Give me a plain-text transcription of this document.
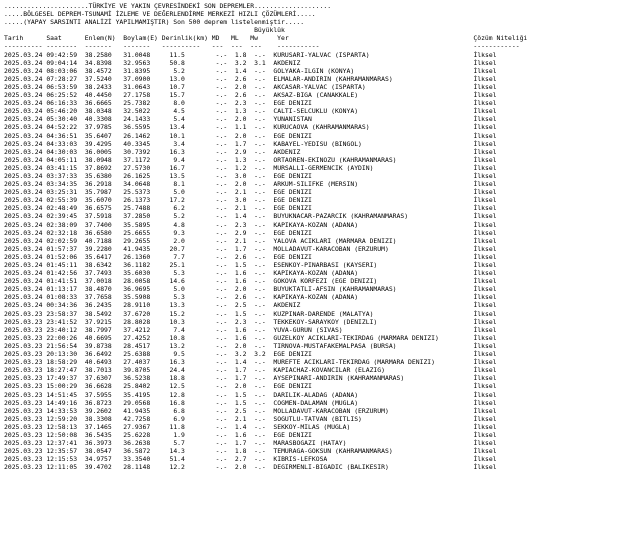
......................TÜRKİYE VE YAKIN ÇEVRESİNDEKİ SON DEPREMLER....................
.....BÖLGESEL DEPREM-TSUNAMİ İZLEME VE DEĞERLENDİRME MERKEZİ HIZLI ÇÖZÜMLERİ.....
.....(YAPAY SARSINTI ANALİZİ YAPILMAMIŞTIR) Son 500 deprem listelenmiştir.....
Büyüklük
Tarih      Saat      Enlem(N)  Boylam(E) Derinlik(km) MD   ML   Mw     Yer                                                Çözüm Niteliği
---------- --------  -------   -------   ----------   ---  ---  ---    -----------                                        ------------
2025.03.24 09:42:59  38.2580   31.0048     11.5        -.-  1.8  -.-  KURUSARI-YALVAC (ISPARTA)                           İlksel
2025.03.24 09:04:14  34.8398   32.9563     50.8        -.-  3.2  3.1  AKDENIZ                                             İlksel
2025.03.24 08:03:06  38.4572   31.8395      5.2        -.-  1.4  -.-  GOLYAKA-ILGIN (KONYA)                               İlksel
2025.03.24 07:28:27  37.5240   37.0900     13.0        -.-  2.6  -.-  ELMALAR-ANDIRIN (KAHRAMANMARAS)                     İlksel
2025.03.24 06:53:59  38.2433   31.0643     10.7        -.-  2.0  -.-  AKCASAR-YALVAC (ISPARTA)                            İlksel
2025.03.24 06:25:52  40.4450   27.1758     15.7        -.-  2.6  -.-  AKSAZ-BIGA (CANAKKALE)                              İlksel
2025.03.24 06:16:33  36.6665   25.7382      8.0        -.-  2.3  -.-  EGE DENIZI                                          İlksel
2025.03.24 05:46:20  38.0348   32.5022      4.5        -.-  1.3  -.-  CALTI-SELCUKLU (KONYA)                              İlksel
2025.03.24 05:30:40  40.3308   24.1433      5.4        -.-  2.0  -.-  YUNANISTAN                                          İlksel
2025.03.24 04:52:22  37.9785   36.5595     13.4        -.-  1.1  -.-  KURUCAOVA (KAHRAMANMARAS)                           İlksel
2025.03.24 04:36:51  35.6407   26.1462     10.1        -.-  2.0  -.-  EGE DENIZI                                          İlksel
2025.03.24 04:33:03  39.4295   40.3345      3.4        -.-  1.7  -.-  KABAYEL-YEDISU (BINGOL)                             İlksel
2025.03.24 04:30:03  36.0005   30.7392     16.3        -.-  2.9  -.-  AKDENIZ                                             İlksel
2025.03.24 04:05:11  38.0948   37.1172      9.4        -.-  1.3  -.-  ORTAOREN-EKINOZU (KAHRAMANMARAS)                    İlksel
2025.03.24 03:41:15  37.8692   27.5730     16.7        -.-  1.2  -.-  MURSALLI-GERMENCIK (AYDIN)                          İlksel
2025.03.24 03:37:33  35.6380   26.1625     13.5        -.-  3.0  -.-  EGE DENIZI                                          İlksel
2025.03.24 03:34:35  36.2918   34.0648      8.1        -.-  2.0  -.-  ARKUM-SILIFKE (MERSIN)                              İlksel
2025.03.24 03:25:31  35.7987   25.5373      5.0        -.-  2.1  -.-  EGE DENIZI                                          İlksel
2025.03.24 02:55:39  35.6070   26.1373     17.2        -.-  3.0  -.-  EGE DENIZI                                          İlksel
2025.03.24 02:48:49  36.6575   25.7488      6.2        -.-  2.1  -.-  EGE DENIZI                                          İlksel
2025.03.24 02:39:45  37.5918   37.2850      5.2        -.-  1.4  -.-  BUYUKNACAR-PAZARCIK (KAHRAMANMARAS)                 İlksel
2025.03.24 02:38:09  37.7400   35.5895      4.8        -.-  2.3  -.-  KAPIKAYA-KOZAN (ADANA)                              İlksel
2025.03.24 02:32:18  36.6580   25.6655      9.3        -.-  2.9  -.-  EGE DENIZI                                          İlksel
2025.03.24 02:02:59  40.7188   29.2655      2.0        -.-  2.1  -.-  YALOVA ACIKLARI (MARMARA DENIZI)                    İlksel
2025.03.24 01:57:37  39.2280   41.9435     20.7        -.-  1.7  -.-  MOLLADAVUT-KARACOBAN (ERZURUM)                      İlksel
2025.03.24 01:52:06  35.6417   26.1360      7.7        -.-  2.6  -.-  EGE DENIZI                                          İlksel
2025.03.24 01:45:11  38.6342   36.1182     25.1        -.-  1.5  -.-  ESENKOY-PINARBASI (KAYSERI)                         İlksel
2025.03.24 01:42:56  37.7493   35.6030      5.3        -.-  1.6  -.-  KAPIKAYA-KOZAN (ADANA)                              İlksel
2025.03.24 01:41:51  37.0018   28.0058     14.6        -.-  1.6  -.-  GOKOVA KORFEZI (EGE DENIZI)                         İlksel
2025.03.24 01:13:17  38.4870   36.9695      5.0        -.-  2.0  -.-  BUYUKTATLI-AFSIN (KAHRAMANMARAS)                    İlksel
2025.03.24 01:08:33  37.7658   35.5908      5.3        -.-  2.6  -.-  KAPIKAYA-KOZAN (ADANA)                              İlksel
2025.03.24 00:34:36  36.2435   28.9110     13.3        -.-  2.5  -.-  AKDENIZ                                             İlksel
2025.03.23 23:58:37  38.5492   37.6720     15.2        -.-  1.5  -.-  KUZPINAR-DARENDE (MALATYA)                          İlksel
2025.03.23 23:41:52  37.9215   28.8028     10.3        -.-  2.3  -.-  TEKKEKOY-SARAYKOY (DENIZLI)                         İlksel
2025.03.23 23:40:12  38.7997   37.4212      7.4        -.-  1.6  -.-  YUVA-GURUN (SIVAS)                                  İlksel
2025.03.23 22:00:26  40.6695   27.4252     10.8        -.-  1.6  -.-  GUZELKOY ACIKLARI-TEKIRDAG (MARMARA DENIZI)         İlksel
2025.03.23 21:56:54  39.8738   28.4517     13.2        -.-  2.0  -.-  TIRNOVA-MUSTAFAKEMALPASA (BURSA)                    İlksel
2025.03.23 20:13:30  36.6492   25.6388      9.5        -.-  3.2  3.2  EGE DENIZI                                          İlksel
2025.03.23 18:58:29  40.6493   27.4037     16.3        -.-  1.4  -.-  MUREFTE ACIKLARI-TEKIRDAG (MARMARA DENIZI)          İlksel
2025.03.23 18:27:47  38.7013   39.8705     24.4        -.-  1.7  -.-  KAPIACHAZ-KOVANCILAR (ELAZIG)                       İlksel
2025.03.23 17:49:37  37.6307   36.5238     18.8        -.-  1.7  -.-  AYSEPINARI-ANDIRIN (KAHRAMANMARAS)                  İlksel
2025.03.23 15:00:29  36.6628   25.8402     12.5        -.-  2.0  -.-  EGE DENIZI                                          İlksel
2025.03.23 14:51:45  37.5955   35.4195     12.8        -.-  1.5  -.-  DARILIK-ALADAG (ADANA)                              İlksel
2025.03.23 14:49:16  36.8723   29.0568     16.8        -.-  1.5  -.-  COGMEN-DALAMAN (MUGLA)                              İlksel
2025.03.23 14:33:53  39.2602   41.9435      6.8        -.-  2.5  -.-  MOLLADAVUT-KARACOBAN (ERZURUM)                      İlksel
2025.03.23 12:59:20  38.3308   42.7258      6.9        -.-  2.1  -.-  SOGUTLU-TATVAN (BITLIS)                             İlksel
2025.03.23 12:58:13  37.1465   27.9367     11.8        -.-  1.4  -.-  SEKKOY-MILAS (MUGLA)                                İlksel
2025.03.23 12:50:08  36.5435   25.6228      1.9        -.-  1.6  -.-  EGE DENIZI                                          İlksel
2025.03.23 12:37:41  36.3973   36.2638      5.7        -.-  1.7  -.-  MARASBOGAZI (HATAY)                                 İlksel
2025.03.23 12:35:57  38.0547   36.5872     14.3        -.-  1.8  -.-  TEMURAGA-GOKSUN (KAHRAMANMARAS)                     İlksel
2025.03.23 12:15:53  34.9757   33.3540     51.4        -.-  2.7  -.-  KIBRIS-LEFKOSA                                      İlksel
2025.03.23 12:11:05  39.4702   28.1148     12.2        -.-  2.0  -.-  DEGIRMENLI-BIGADIC (BALIKESIR)                      İlksel
